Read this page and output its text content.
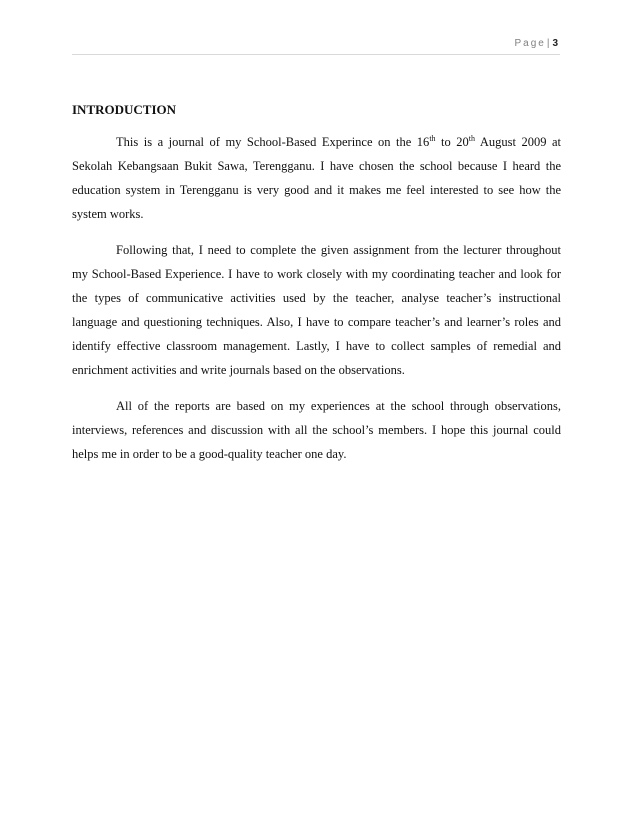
Page| 3
INTRODUCTION

This is a journal of my School-Based Experince on the 16th to 20th August 2009 at Sekolah Kebangsaan Bukit Sawa, Terengganu. I have chosen the school because I heard the education system in Terengganu is very good and it makes me feel interested to see how the system works.

Following that, I need to complete the given assignment from the lecturer throughout my School-Based Experience. I have to work closely with my coordinating teacher and look for the types of communicative activities used by the teacher, analyse teacher’s instructional language and questioning techniques. Also, I have to compare teacher’s and learner’s roles and identify effective classroom management. Lastly, I have to collect samples of remedial and enrichment activities and write journals based on the observations.

All of the reports are based on my experiences at the school through observations, interviews, references and discussion with all the school’s members. I hope this journal could helps me in order to be a good-quality teacher one day.
